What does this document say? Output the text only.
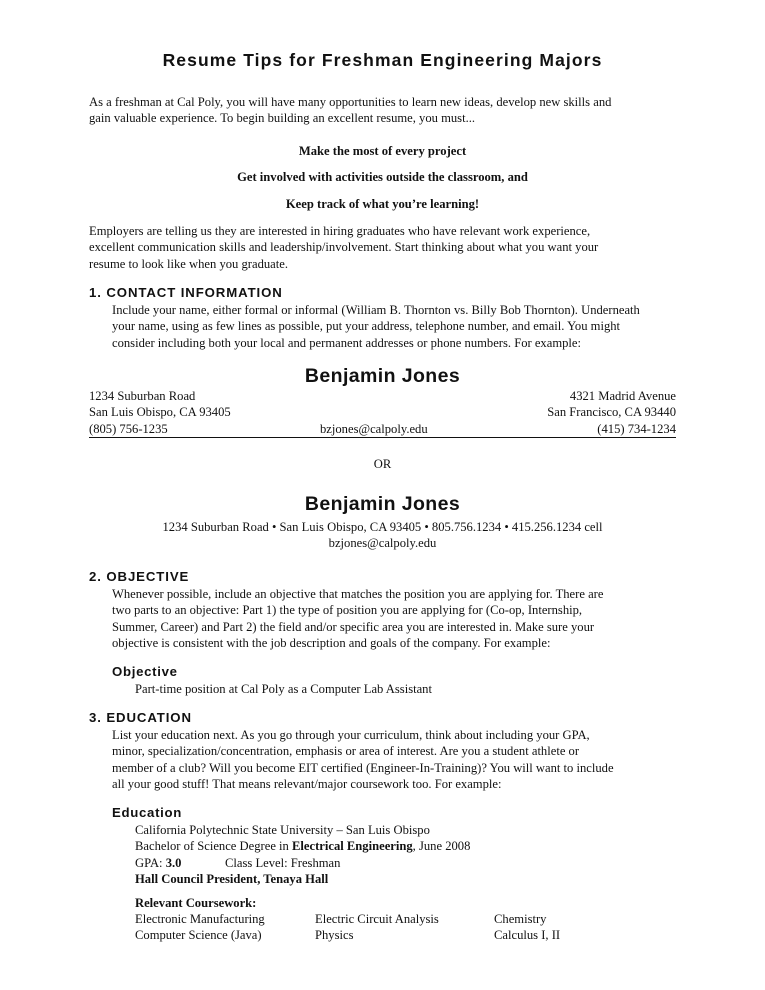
Resume Tips for Freshman Engineering Majors
As a freshman at Cal Poly, you will have many opportunities to learn new ideas, develop new skills and
gain valuable experience. To begin building an excellent resume, you must...
Make the most of every project
Get involved with activities outside the classroom, and
Keep track of what you’re learning!
Employers are telling us they are interested in hiring graduates who have relevant work experience,
excellent communication skills and leadership/involvement. Start thinking about what you want your
resume to look like when you graduate.
1. CONTACT INFORMATION
Include your name, either formal or informal (William B. Thornton vs. Billy Bob Thornton). Underneath
your name, using as few lines as possible, put your address, telephone number, and email. You might
consider including both your local and permanent addresses or phone numbers. For example:
Benjamin Jones
1234 Suburban Road	4321 Madrid Avenue
San Luis Obispo, CA 93405	San Francisco, CA 93440
(805) 756-1235	bzjones@calpoly.edu	(415) 734-1234
OR
Benjamin Jones
1234 Suburban Road • San Luis Obispo, CA 93405 • 805.756.1234 • 415.256.1234 cell
bzjones@calpoly.edu
2. OBJECTIVE
Whenever possible, include an objective that matches the position you are applying for. There are
two parts to an objective: Part 1) the type of position you are applying for (Co-op, Internship,
Summer, Career) and Part 2) the field and/or specific area you are interested in. Make sure your
objective is consistent with the job description and goals of the company. For example:
Objective
Part-time position at Cal Poly as a Computer Lab Assistant
3. EDUCATION
List your education next. As you go through your curriculum, think about including your GPA,
minor, specialization/concentration, emphasis or area of interest. Are you a student athlete or
member of a club? Will you become EIT certified (Engineer-In-Training)? You will want to include
all your good stuff! That means relevant/major coursework too. For example:
Education
California Polytechnic State University – San Luis Obispo
Bachelor of Science Degree in Electrical Engineering, June 2008
GPA: 3.0	Class Level: Freshman
Hall Council President, Tenaya Hall
Relevant Coursework:
Electronic Manufacturing	Electric Circuit Analysis	Chemistry
Computer Science (Java)	Physics	Calculus I, II
